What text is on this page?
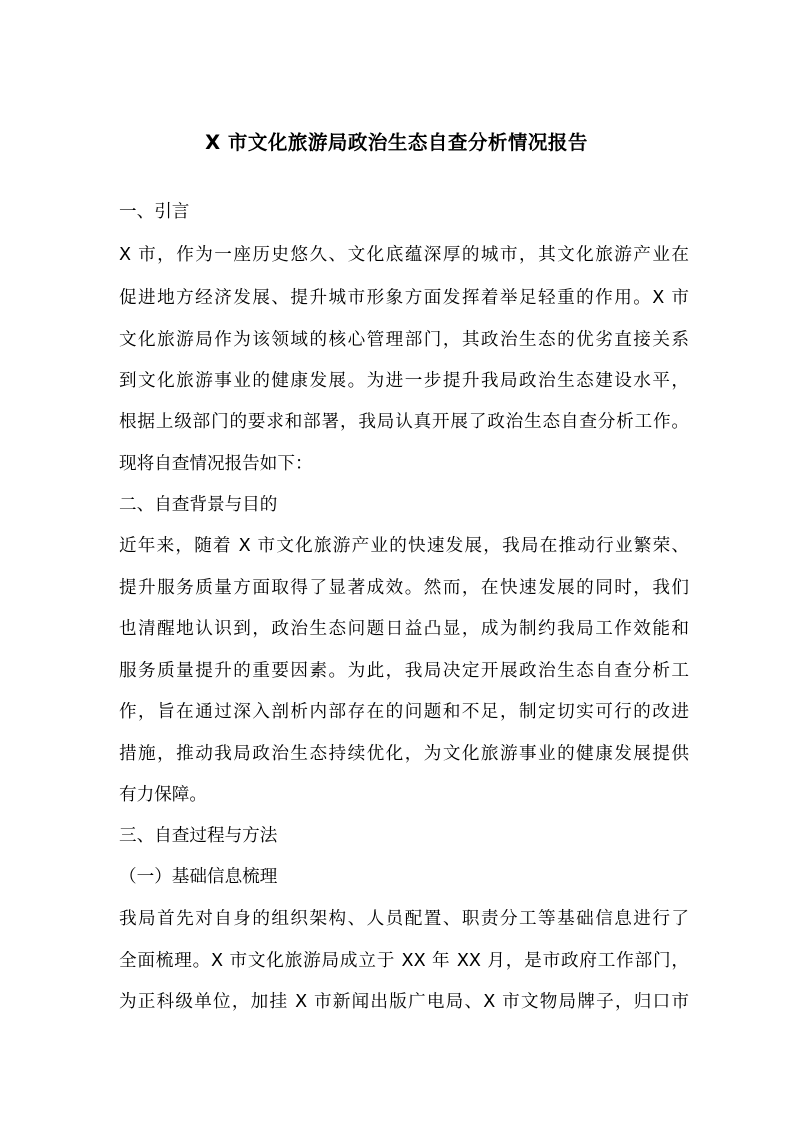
X 市文化旅游局政治生态自查分析情况报告
一、引言
X 市，作为一座历史悠久、文化底蕴深厚的城市，其文化旅游产业在
促进地方经济发展、提升城市形象方面发挥着举足轻重的作用。X 市
文化旅游局作为该领域的核心管理部门，其政治生态的优劣直接关系
到文化旅游事业的健康发展。为进一步提升我局政治生态建设水平，
根据上级部门的要求和部署，我局认真开展了政治生态自查分析工作。
现将自查情况报告如下：
二、自查背景与目的
近年来，随着 X 市文化旅游产业的快速发展，我局在推动行业繁荣、
提升服务质量方面取得了显著成效。然而，在快速发展的同时，我们
也清醒地认识到，政治生态问题日益凸显，成为制约我局工作效能和
服务质量提升的重要因素。为此，我局决定开展政治生态自查分析工
作，旨在通过深入剖析内部存在的问题和不足，制定切实可行的改进
措施，推动我局政治生态持续优化，为文化旅游事业的健康发展提供
有力保障。
三、自查过程与方法
（一）基础信息梳理
我局首先对自身的组织架构、人员配置、职责分工等基础信息进行了
全面梳理。X 市文化旅游局成立于 XX 年 XX 月，是市政府工作部门，
为正科级单位，加挂 X 市新闻出版广电局、X 市文物局牌子，归口市
